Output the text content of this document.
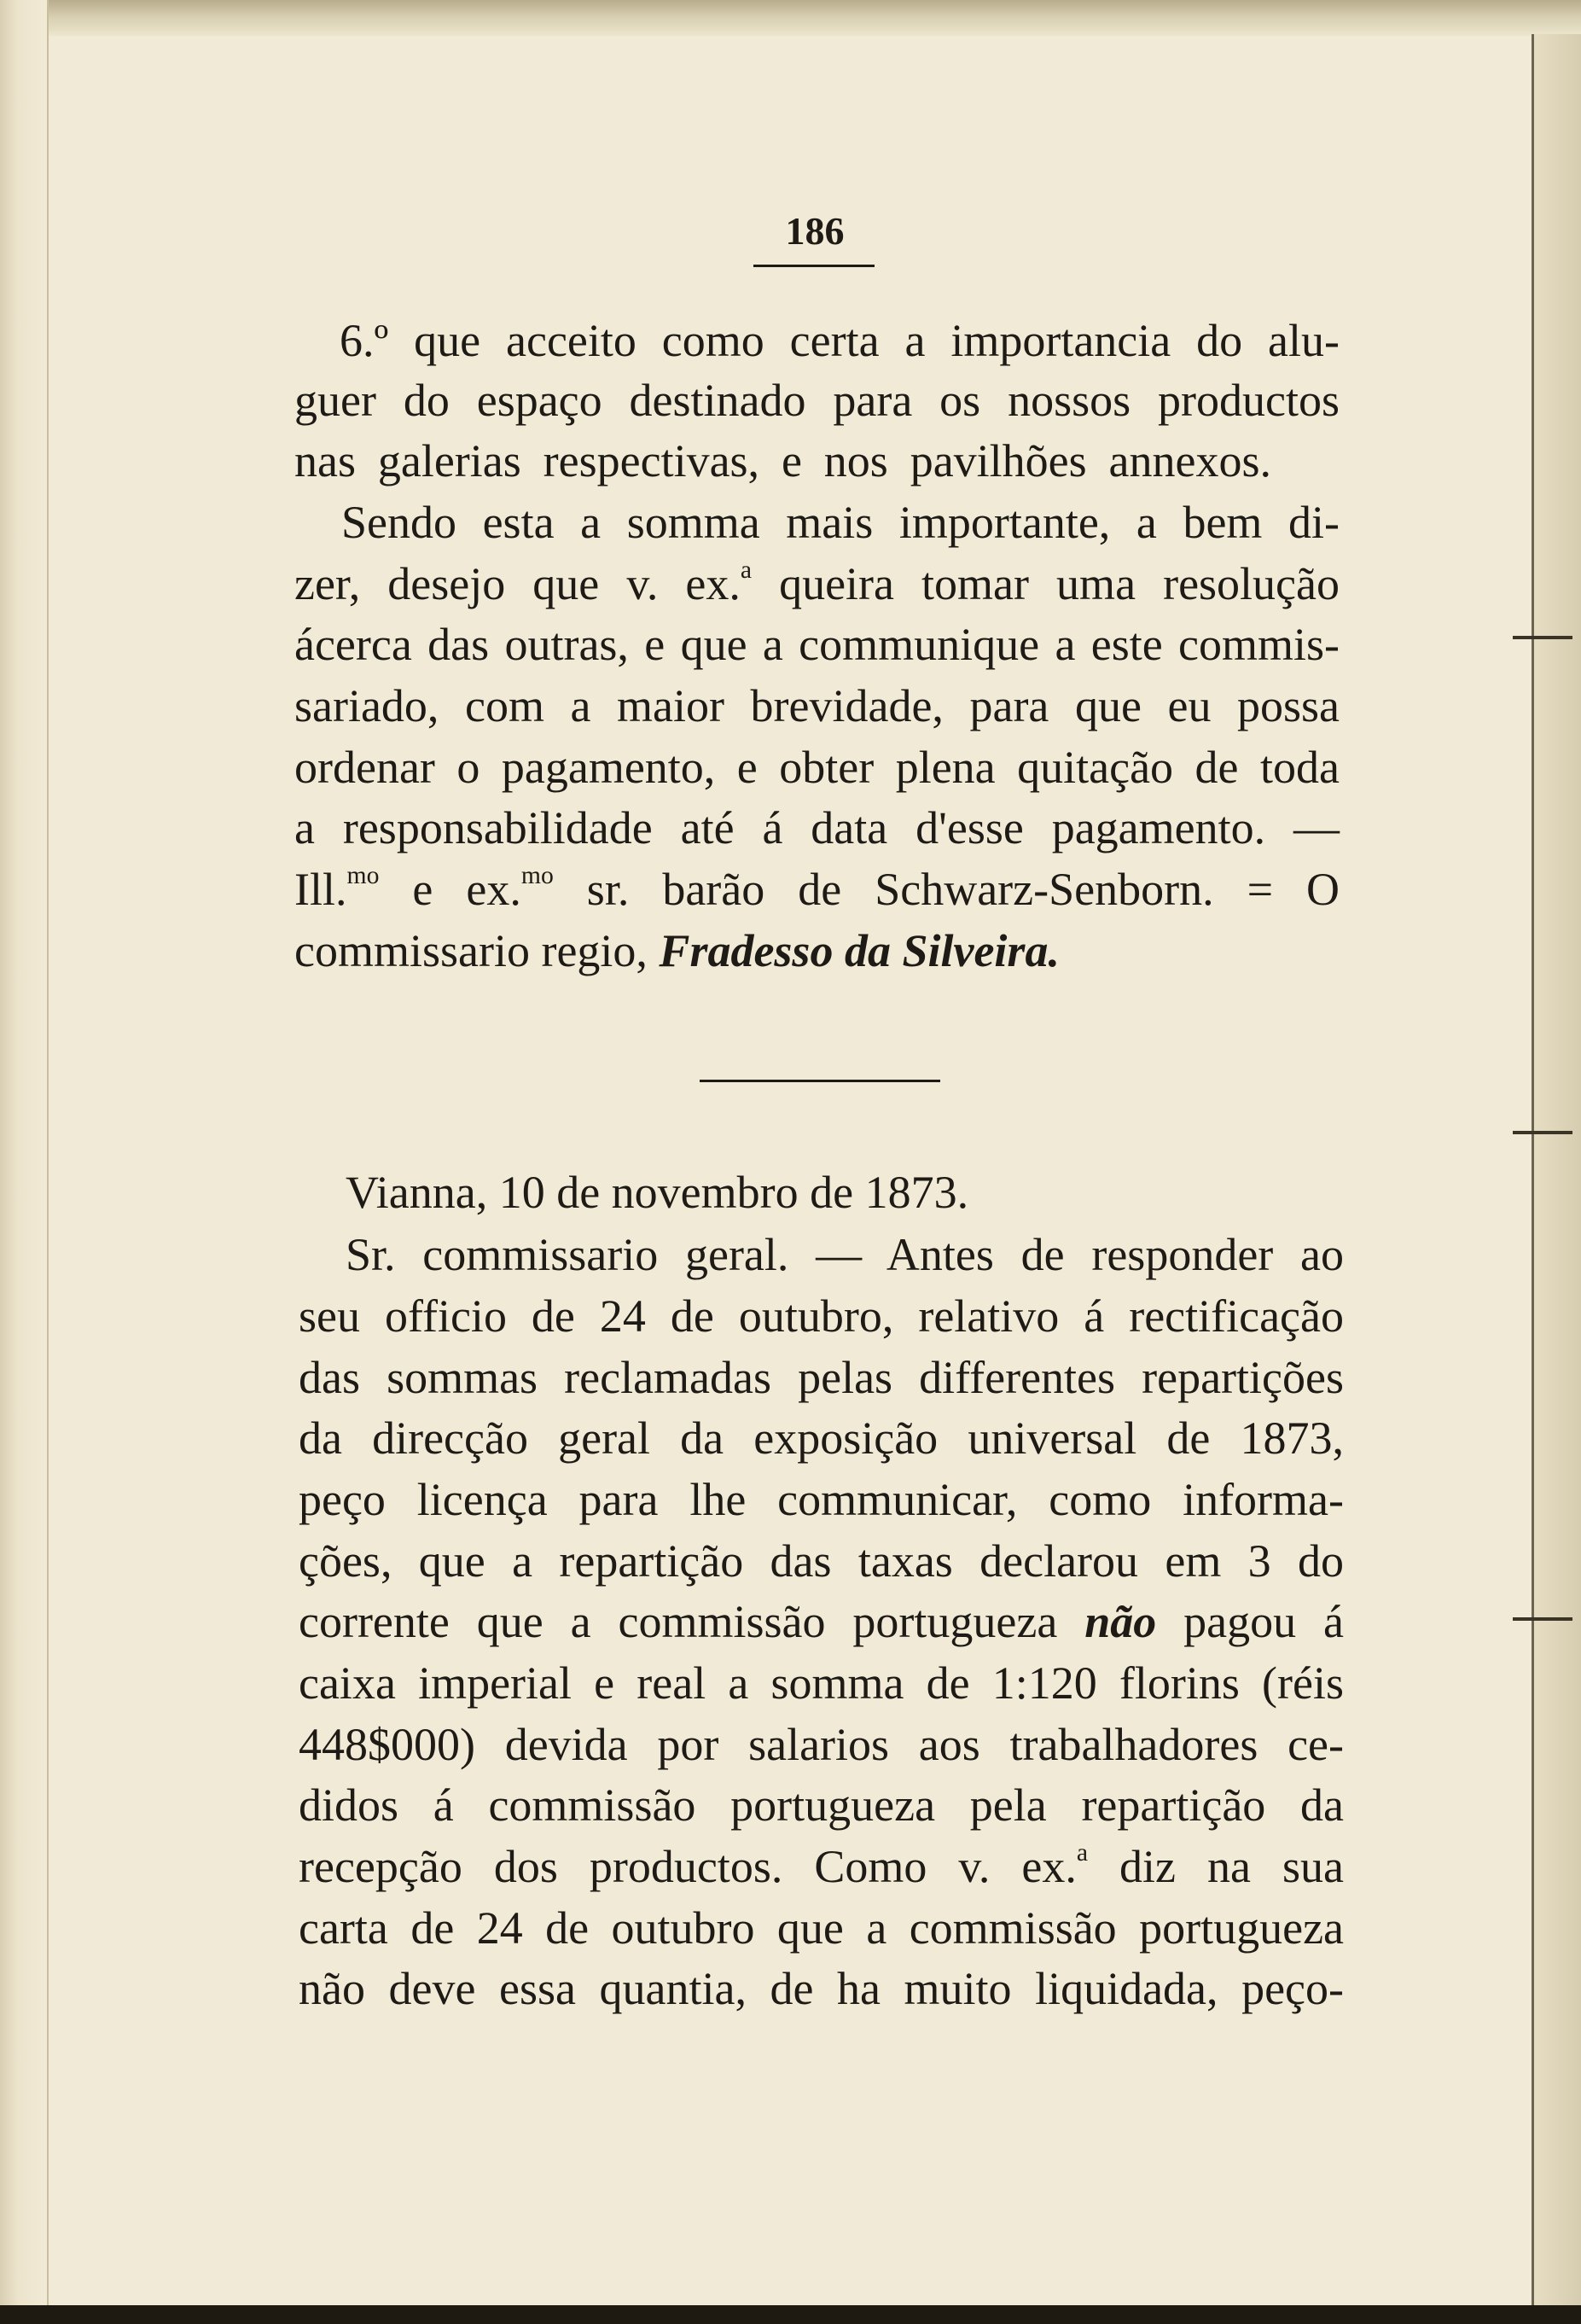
186
6.º que acceito como certa a importancia do alu-
guer do espaço destinado para os nossos productos
nas galerias respectivas, e nos pavilhões annexos.
Sendo esta a somma mais importante, a bem di-
zer, desejo que v. ex.$^a$ queira tomar uma resolução
ácerca das outras, e que a communique a este commis-
sariado, com a maior brevidade, para que eu possa
ordenar o pagamento, e obter plena quitação de toda
a responsabilidade até á data d'esse pagamento. —
Ill.$^{mo}$ e ex.$^{mo}$ sr. barão de Schwarz-Senborn. = O
commissario regio, Fradesso da Silveira.
Vianna, 10 de novembro de 1873.
Sr. commissario geral. — Antes de responder ao
seu officio de 24 de outubro, relativo á rectificação
das sommas reclamadas pelas differentes repartições
da direcção geral da exposição universal de 1873,
peço licença para lhe communicar, como informa-
ções, que a repartição das taxas declarou em 3 do
corrente que a commissão portugueza não pagou á
caixa imperial e real a somma de 1:120 florins (réis
448$000) devida por salarios aos trabalhadores ce-
didos á commissão portugueza pela repartição da
recepção dos productos. Como v. ex.$^a$ diz na sua
carta de 24 de outubro que a commissão portugueza
não deve essa quantia, de ha muito liquidada, peço-
